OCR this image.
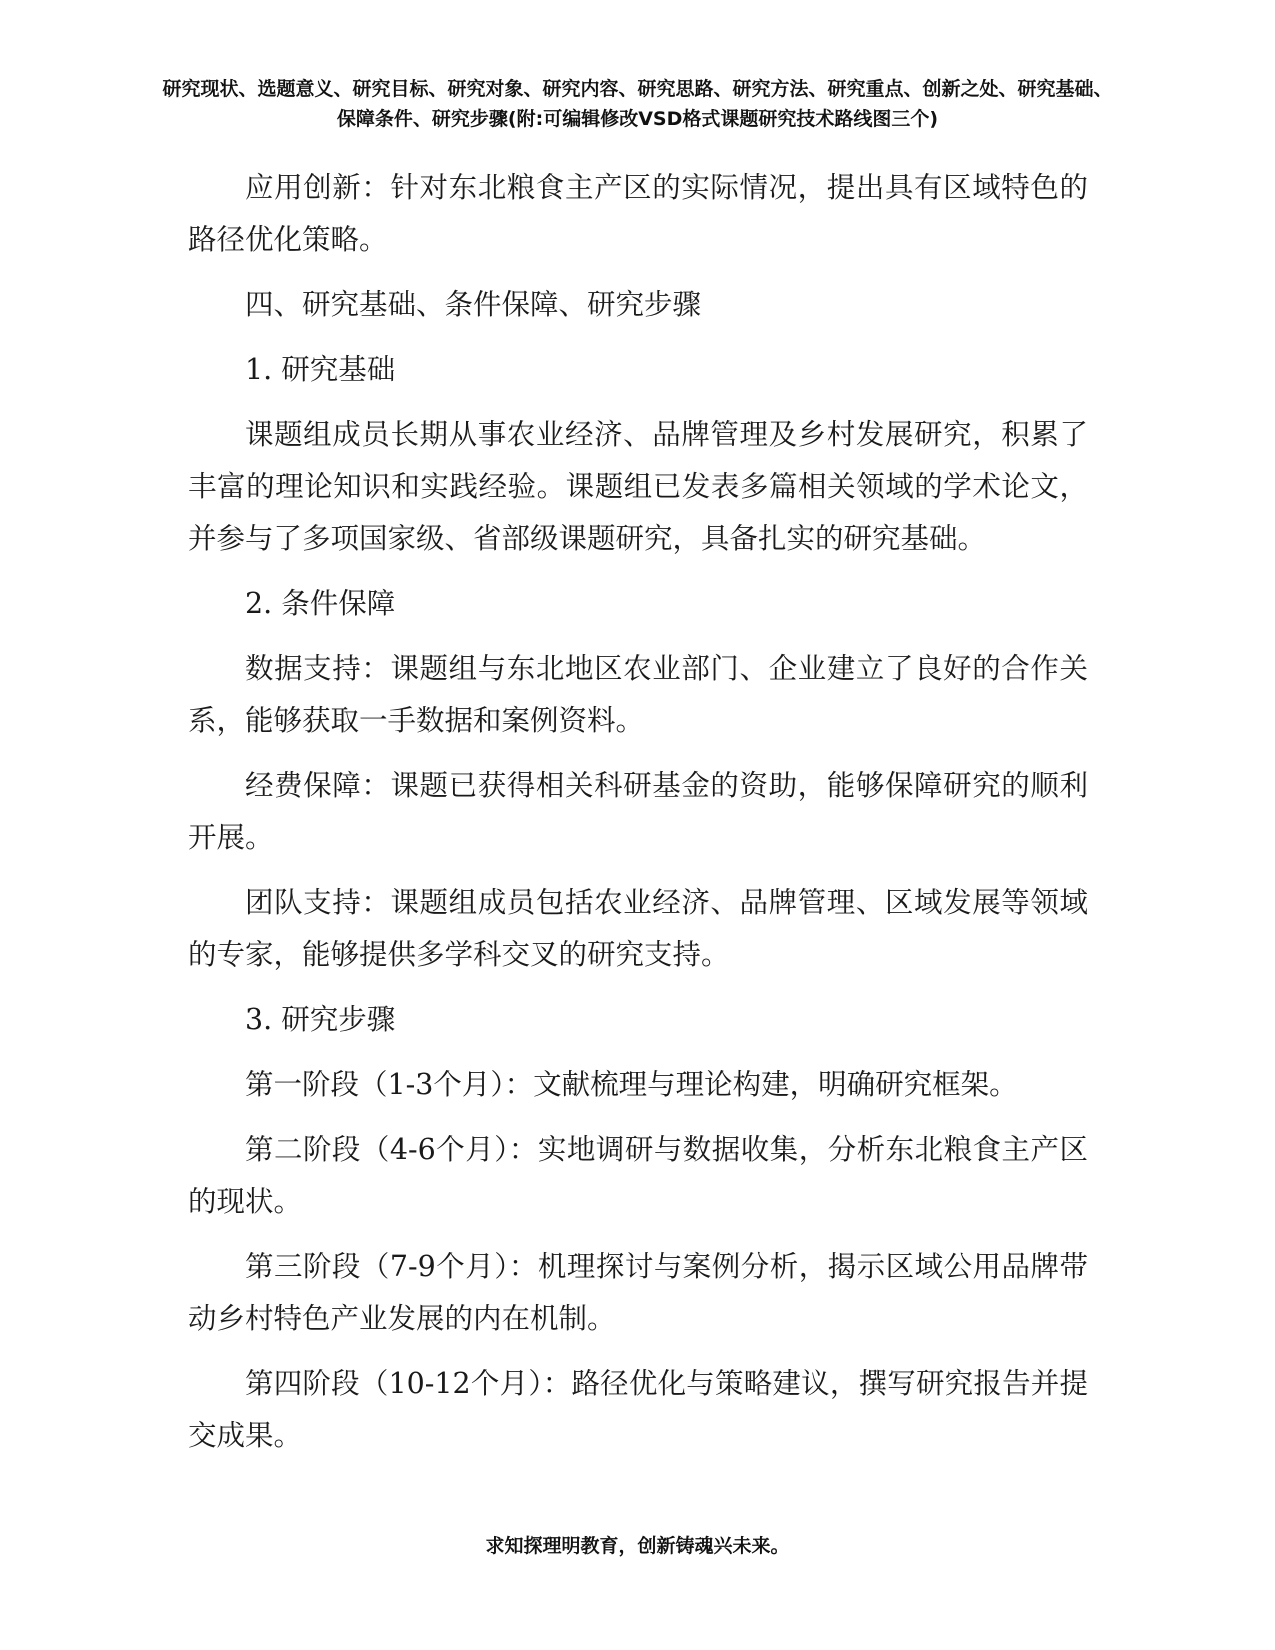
研究现状、选题意义、研究目标、研究对象、研究内容、研究思路、研究方法、研究重点、创新之处、研究基础、保障条件、研究步骤(附:可编辑修改VSD格式课题研究技术路线图三个)

应用创新：针对东北粮食主产区的实际情况，提出具有区域特色的路径优化策略。

四、研究基础、条件保障、研究步骤

1. 研究基础

课题组成员长期从事农业经济、品牌管理及乡村发展研究，积累了丰富的理论知识和实践经验。课题组已发表多篇相关领域的学术论文，并参与了多项国家级、省部级课题研究，具备扎实的研究基础。

2. 条件保障

数据支持：课题组与东北地区农业部门、企业建立了良好的合作关系，能够获取一手数据和案例资料。

经费保障：课题已获得相关科研基金的资助，能够保障研究的顺利开展。

团队支持：课题组成员包括农业经济、品牌管理、区域发展等领域的专家，能够提供多学科交叉的研究支持。

3. 研究步骤

第一阶段（1-3个月）：文献梳理与理论构建，明确研究框架。

第二阶段（4-6个月）：实地调研与数据收集，分析东北粮食主产区的现状。

第三阶段（7-9个月）：机理探讨与案例分析，揭示区域公用品牌带动乡村特色产业发展的内在机制。

第四阶段（10-12个月）：路径优化与策略建议，撰写研究报告并提交成果。

求知探理明教育，创新铸魂兴未来。
